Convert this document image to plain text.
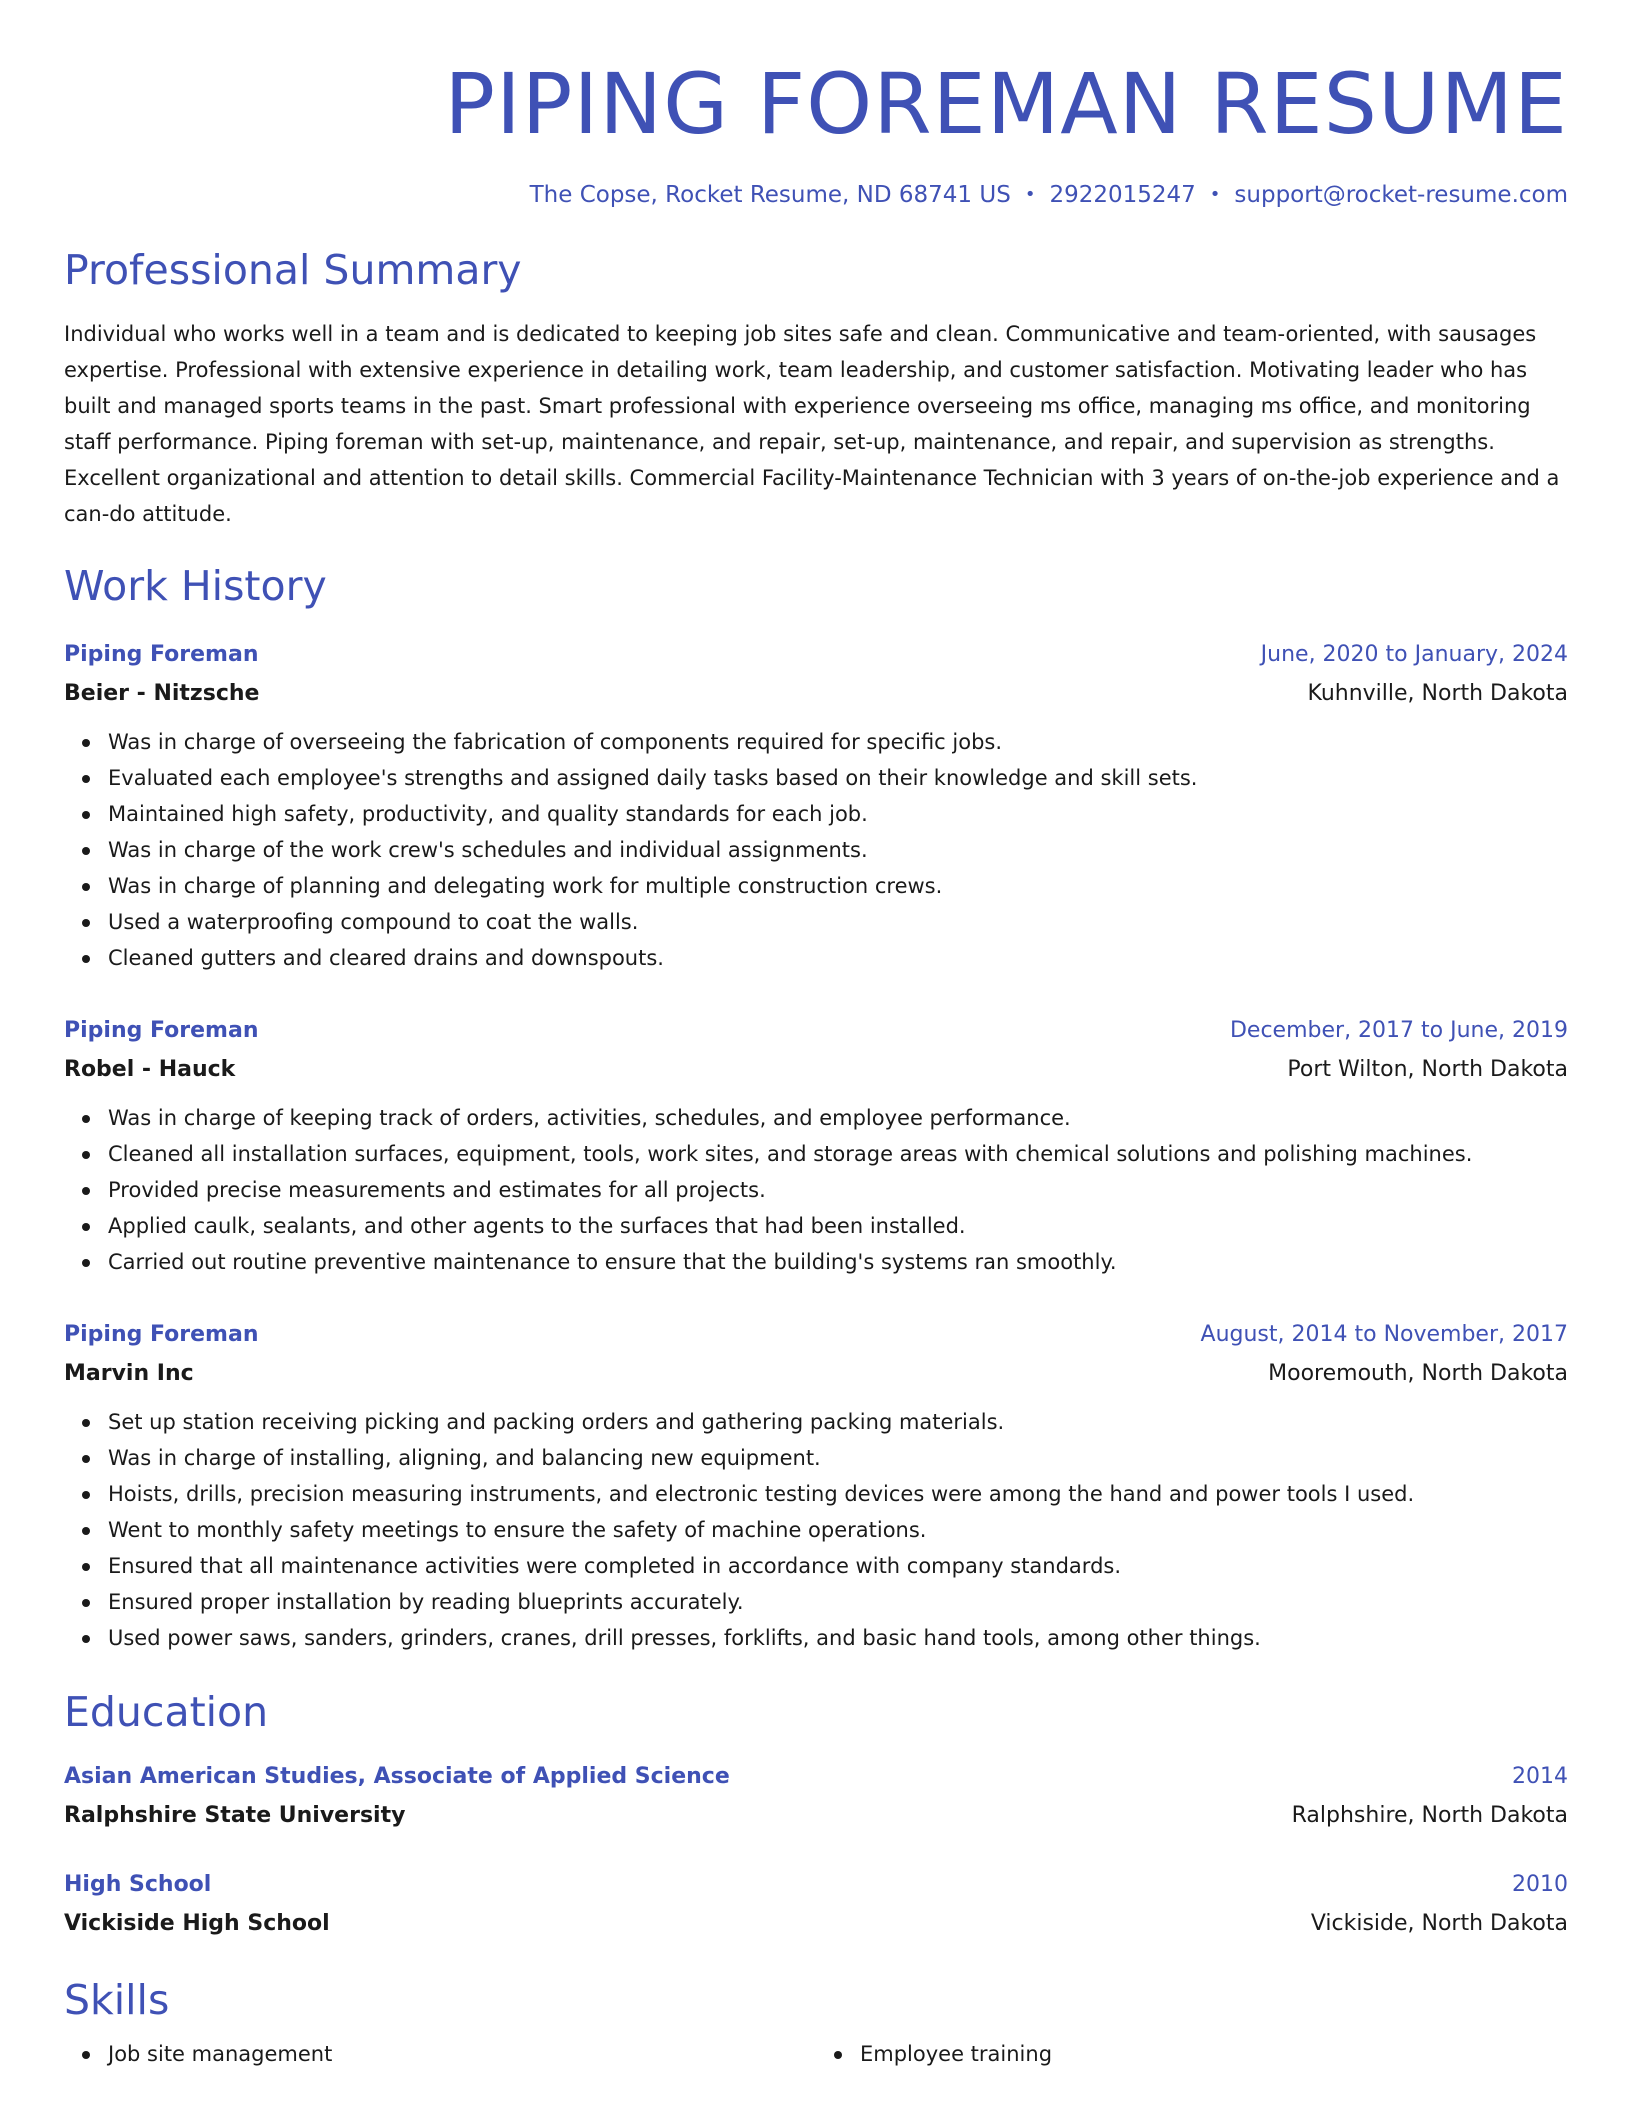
PIPING FOREMAN RESUME
The Copse, Rocket Resume, ND 68741 US • 2922015247 • support@rocket-resume.com
Professional Summary
Individual who works well in a team and is dedicated to keeping job sites safe and clean. Communicative and team-oriented, with sausages expertise. Professional with extensive experience in detailing work, team leadership, and customer satisfaction. Motivating leader who has built and managed sports teams in the past. Smart professional with experience overseeing ms office, managing ms office, and monitoring staff performance. Piping foreman with set-up, maintenance, and repair, set-up, maintenance, and repair, and supervision as strengths. Excellent organizational and attention to detail skills. Commercial Facility-Maintenance Technician with 3 years of on-the-job experience and a can-do attitude.
Work History
Piping Foreman	June, 2020 to January, 2024
Beier - Nitzsche	Kuhnville, North Dakota
Was in charge of overseeing the fabrication of components required for specific jobs.
Evaluated each employee's strengths and assigned daily tasks based on their knowledge and skill sets.
Maintained high safety, productivity, and quality standards for each job.
Was in charge of the work crew's schedules and individual assignments.
Was in charge of planning and delegating work for multiple construction crews.
Used a waterproofing compound to coat the walls.
Cleaned gutters and cleared drains and downspouts.
Piping Foreman	December, 2017 to June, 2019
Robel - Hauck	Port Wilton, North Dakota
Was in charge of keeping track of orders, activities, schedules, and employee performance.
Cleaned all installation surfaces, equipment, tools, work sites, and storage areas with chemical solutions and polishing machines.
Provided precise measurements and estimates for all projects.
Applied caulk, sealants, and other agents to the surfaces that had been installed.
Carried out routine preventive maintenance to ensure that the building's systems ran smoothly.
Piping Foreman	August, 2014 to November, 2017
Marvin Inc	Mooremouth, North Dakota
Set up station receiving picking and packing orders and gathering packing materials.
Was in charge of installing, aligning, and balancing new equipment.
Hoists, drills, precision measuring instruments, and electronic testing devices were among the hand and power tools I used.
Went to monthly safety meetings to ensure the safety of machine operations.
Ensured that all maintenance activities were completed in accordance with company standards.
Ensured proper installation by reading blueprints accurately.
Used power saws, sanders, grinders, cranes, drill presses, forklifts, and basic hand tools, among other things.
Education
Asian American Studies, Associate of Applied Science	2014
Ralphshire State University	Ralphshire, North Dakota
High School	2010
Vickiside High School	Vickiside, North Dakota
Skills
Job site management	Employee training
